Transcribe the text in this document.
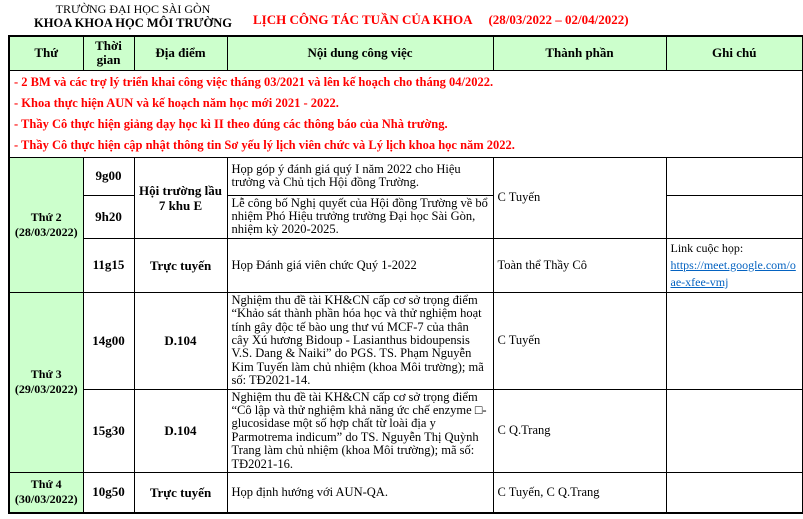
TRƯỜNG ĐẠI HỌC SÀI GÒN
KHOA KHOA HỌC MÔI TRƯỜNG	LỊCH CÔNG TÁC TUẦN CỦA KHOA (28/03/2022 – 02/04/2022)
Thứ	Thời gian	Địa điểm	Nội dung công việc	Thành phần	Ghi chú

- 2 BM và các trợ lý triển khai công việc tháng 03/2021 và lên kế hoạch cho tháng 04/2022.
- Khoa thực hiện AUN và kế hoạch năm học mới 2021 - 2022.
- Thầy Cô thực hiện giảng dạy học kì II theo đúng các thông báo của Nhà trường.
- Thầy Cô thực hiện cập nhật thông tin Sơ yếu lý lịch viên chức và Lý lịch khoa học năm 2022.					

Thứ 2
(28/03/2022)	9g00	Hội trường lầu 7 khu E	Họp góp ý đánh giá quý I năm 2022 cho Hiệu trưởng và Chủ tịch Hội đồng Trường.	C Tuyến	
	9h20		Lễ công bố Nghị quyết của Hội đồng Trường về bổ nhiệm Phó Hiệu trưởng trường Đại học Sài Gòn, nhiệm kỳ 2020-2025.		
	11g15	Trực tuyến	Họp Đánh giá viên chức Quý 1-2022	Toàn thể Thầy Cô	Link cuộc họp:
https://meet.google.com/oae-xfee-vmj

Thứ 3
(29/03/2022)	14g00	D.104	Nghiệm thu đề tài KH&CN cấp cơ sở trọng điểm “Khảo sát thành phần hóa học và thử nghiệm hoạt tính gây độc tế bào ung thư vú MCF-7 của thân cây Xú hương Bidoup - Lasianthus bidoupensis V.S. Dang & Naiki” do PGS. TS. Phạm Nguyễn Kim Tuyến làm chủ nhiệm (khoa Môi trường); mã số: TĐ2021-14.	C Tuyến	
	15g30	D.104	Nghiệm thu đề tài KH&CN cấp cơ sở trọng điểm “Cô lập và thử nghiệm khả năng ức chế enzyme □-glucosidase một số hợp chất từ loài địa y Parmotrema indicum” do TS. Nguyễn Thị Quỳnh Trang làm chủ nhiệm (khoa Môi trường); mã số: TĐ2021-16.	C Q.Trang	

Thứ 4
(30/03/2022)	10g50	Trực tuyến	Họp định hướng với AUN-QA.	C Tuyến, C Q.Trang	
